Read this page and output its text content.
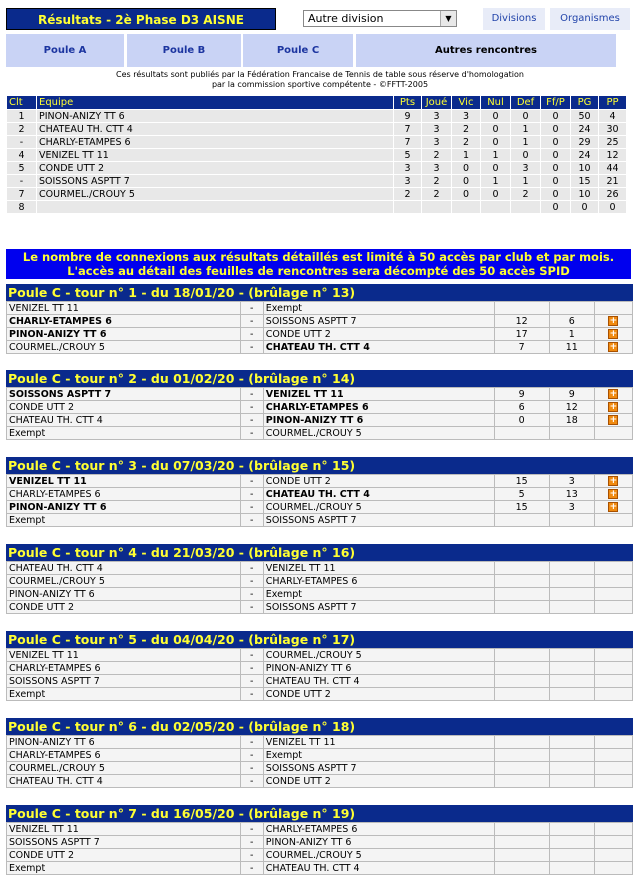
Résultats - 2è Phase D3 AISNE	Autre division	▼	Divisions	Organismes
Poule A	Poule B	Poule C	Autres rencontres
Ces résultats sont publiés par la Fédération Francaise de Tennis de table sous réserve d'homologation
par la commission sportive compétente - ©FFTT-2005
Clt	Equipe	Pts	Joué	Vic	Nul	Def	Ff/P	PG	PP
1	PINON-ANIZY TT 6	9	3	3	0	0	0	50	4
2	CHATEAU TH. CTT 4	7	3	2	0	1	0	24	30
-	CHARLY-ETAMPES 6	7	3	2	0	1	0	29	25
4	VENIZEL TT 11	5	2	1	1	0	0	24	12
5	CONDE UTT 2	3	3	0	0	3	0	10	44
-	SOISSONS ASPTT 7	3	2	0	1	1	0	15	21
7	COURMEL./CROUY 5	2	2	0	0	2	0	10	26
8							0	0	0
Le nombre de connexions aux résultats détaillés est limité à 50 accès par club et par mois.
L'accès au détail des feuilles de rencontres sera décompté des 50 accès SPID
Poule C - tour n° 1 - du 18/01/20 - (brûlage n° 13)
VENIZEL TT 11	-	Exempt			
CHARLY-ETAMPES 6	-	SOISSONS ASPTT 7	12	6	+
PINON-ANIZY TT 6	-	CONDE UTT 2	17	1	+
COURMEL./CROUY 5	-	CHATEAU TH. CTT 4	7	11	+
Poule C - tour n° 2 - du 01/02/20 - (brûlage n° 14)
SOISSONS ASPTT 7	-	VENIZEL TT 11	9	9	+
CONDE UTT 2	-	CHARLY-ETAMPES 6	6	12	+
CHATEAU TH. CTT 4	-	PINON-ANIZY TT 6	0	18	+
Exempt	-	COURMEL./CROUY 5			
Poule C - tour n° 3 - du 07/03/20 - (brûlage n° 15)
VENIZEL TT 11	-	CONDE UTT 2	15	3	+
CHARLY-ETAMPES 6	-	CHATEAU TH. CTT 4	5	13	+
PINON-ANIZY TT 6	-	COURMEL./CROUY 5	15	3	+
Exempt	-	SOISSONS ASPTT 7			
Poule C - tour n° 4 - du 21/03/20 - (brûlage n° 16)
CHATEAU TH. CTT 4	-	VENIZEL TT 11			
COURMEL./CROUY 5	-	CHARLY-ETAMPES 6			
PINON-ANIZY TT 6	-	Exempt			
CONDE UTT 2	-	SOISSONS ASPTT 7			
Poule C - tour n° 5 - du 04/04/20 - (brûlage n° 17)
VENIZEL TT 11	-	COURMEL./CROUY 5			
CHARLY-ETAMPES 6	-	PINON-ANIZY TT 6			
SOISSONS ASPTT 7	-	CHATEAU TH. CTT 4			
Exempt	-	CONDE UTT 2			
Poule C - tour n° 6 - du 02/05/20 - (brûlage n° 18)
PINON-ANIZY TT 6	-	VENIZEL TT 11			
CHARLY-ETAMPES 6	-	Exempt			
COURMEL./CROUY 5	-	SOISSONS ASPTT 7			
CHATEAU TH. CTT 4	-	CONDE UTT 2			
Poule C - tour n° 7 - du 16/05/20 - (brûlage n° 19)
VENIZEL TT 11	-	CHARLY-ETAMPES 6			
SOISSONS ASPTT 7	-	PINON-ANIZY TT 6			
CONDE UTT 2	-	COURMEL./CROUY 5			
Exempt	-	CHATEAU TH. CTT 4			
